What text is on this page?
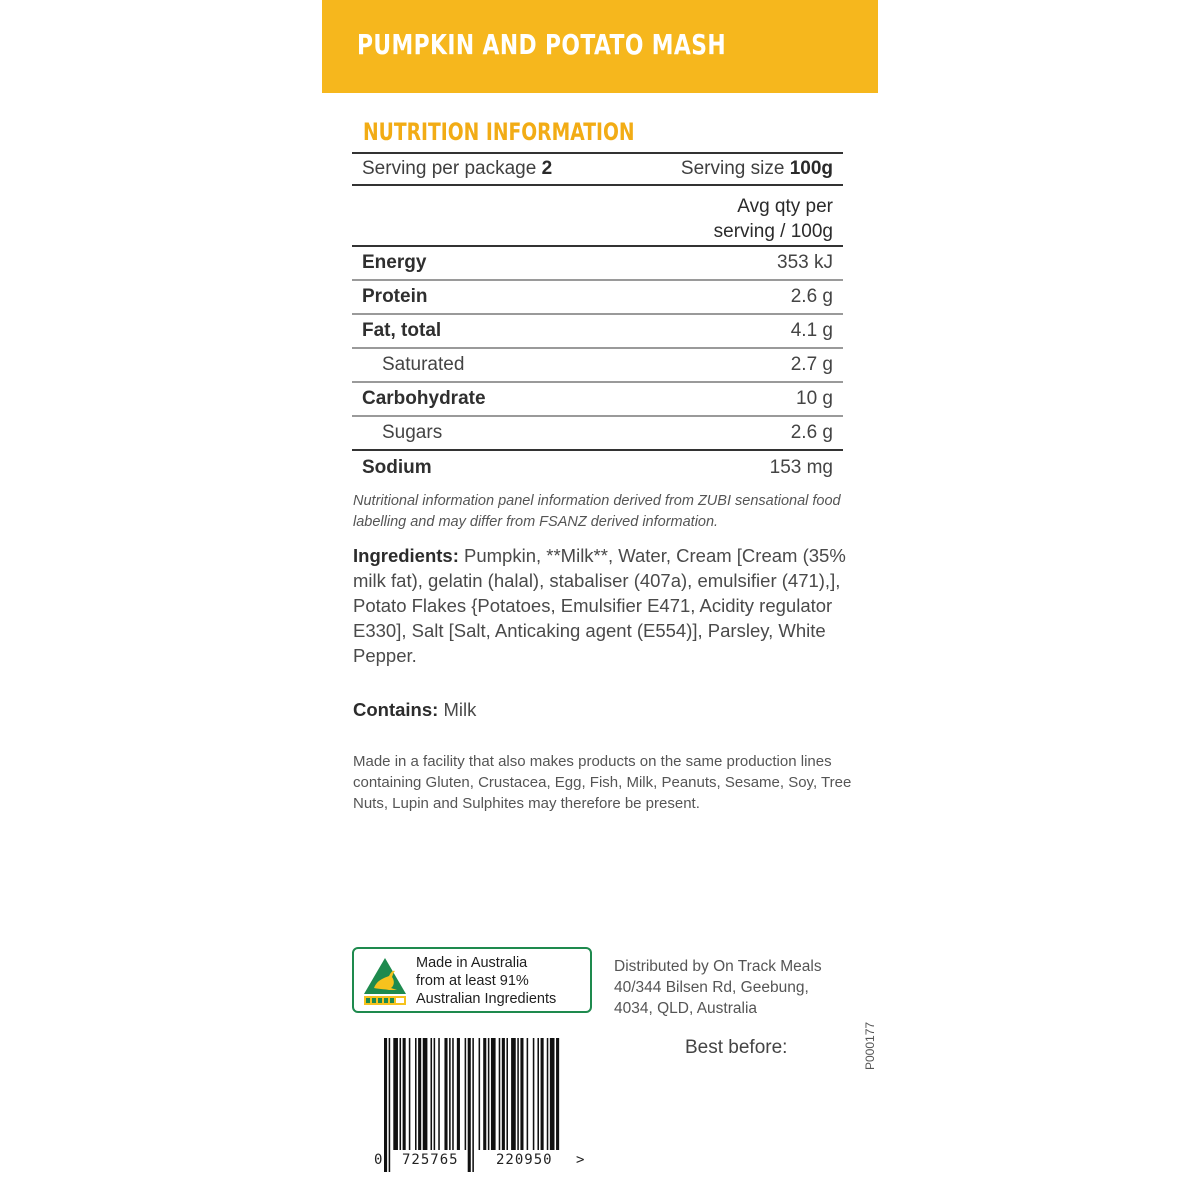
PUMPKIN AND POTATO MASH
NUTRITION INFORMATION
Serving per package 2	Serving size 100g
Avg qty per
serving / 100g
Energy	353 kJ
Protein	2.6 g
Fat, total	4.1 g
Saturated	2.7 g
Carbohydrate	10 g
Sugars	2.6 g
Sodium	153 mg

Nutritional information panel information derived from ZUBI sensational food labelling and may differ from FSANZ derived information.

Ingredients: Pumpkin, **Milk**, Water, Cream [Cream (35% milk fat), gelatin (halal), stabaliser (407a), emulsifier (471),], Potato Flakes {Potatoes, Emulsifier E471, Acidity regulator E330], Salt [Salt, Anticaking agent (E554)], Parsley, White Pepper.

Contains: Milk

Made in a facility that also makes products on the same production lines containing Gluten, Crustacea, Egg, Fish, Milk, Peanuts, Sesame, Soy, Tree Nuts, Lupin and Sulphites may therefore be present.

Made in Australia
from at least 91%
Australian Ingredients
Distributed by On Track Meals
40/344 Bilsen Rd, Geebung,
4034, QLD, Australia

Best before:	P000177

0 725765	220950 >
